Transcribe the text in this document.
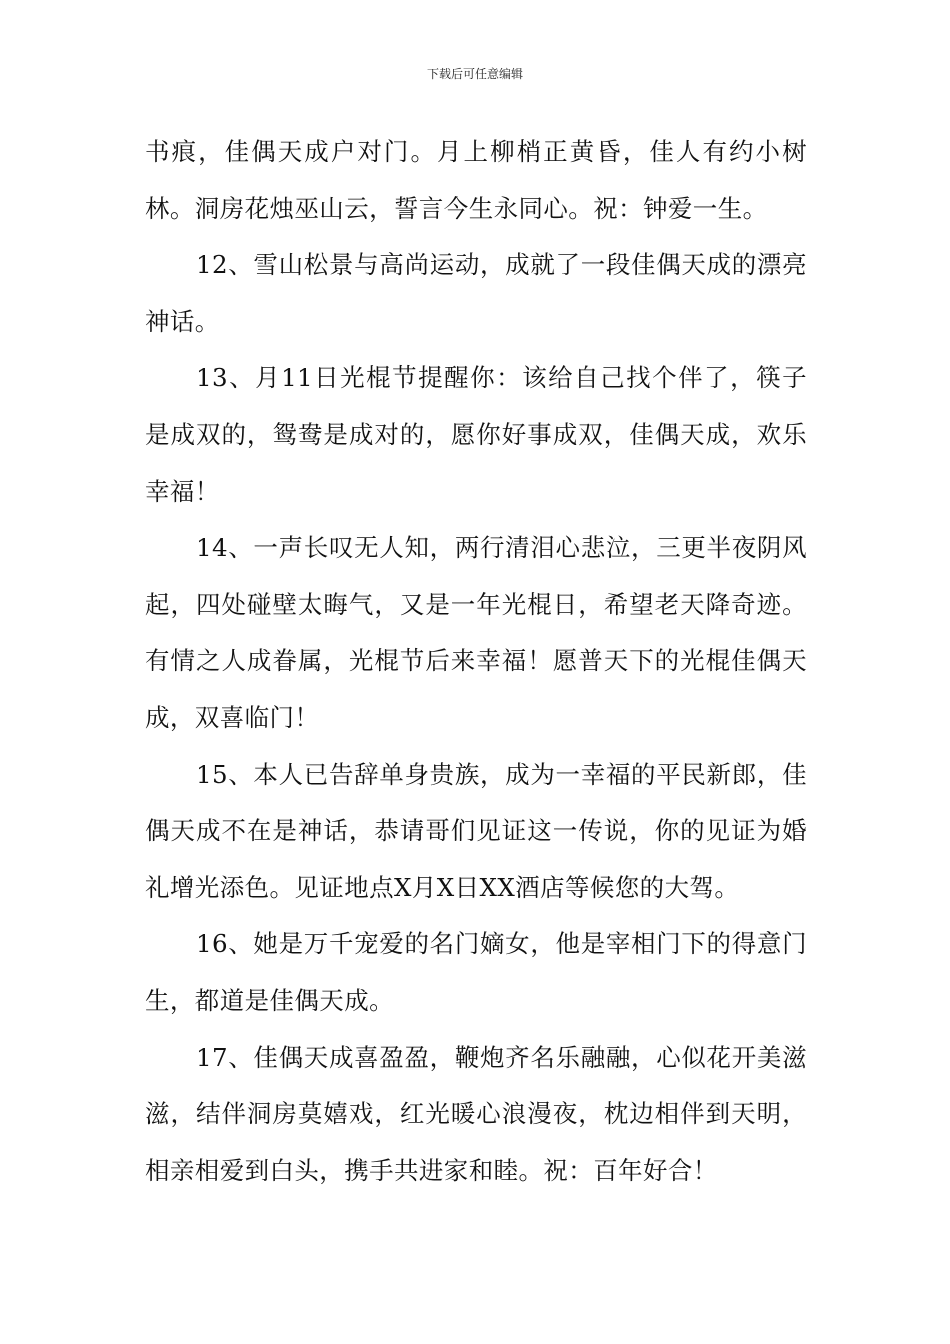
下载后可任意编辑

书痕，佳偶天成户对门。月上柳梢正黄昏，佳人有约小树林。洞房花烛巫山云，誓言今生永同心。祝：钟爱一生。

12、雪山松景与高尚运动，成就了一段佳偶天成的漂亮神话。

13、月11日光棍节提醒你：该给自己找个伴了，筷子是成双的，鸳鸯是成对的，愿你好事成双，佳偶天成，欢乐幸福！

14、一声长叹无人知，两行清泪心悲泣，三更半夜阴风起，四处碰壁太晦气，又是一年光棍日，希望老天降奇迹。有情之人成眷属，光棍节后来幸福！愿普天下的光棍佳偶天成，双喜临门！

15、本人已告辞单身贵族，成为一幸福的平民新郎，佳偶天成不在是神话，恭请哥们见证这一传说，你的见证为婚礼增光添色。见证地点X月X日XX酒店等候您的大驾。

16、她是万千宠爱的名门嫡女，他是宰相门下的得意门生，都道是佳偶天成。

17、佳偶天成喜盈盈，鞭炮齐名乐融融，心似花开美滋滋，结伴洞房莫嬉戏，红光暖心浪漫夜，枕边相伴到天明，相亲相爱到白头，携手共进家和睦。祝：百年好合！
